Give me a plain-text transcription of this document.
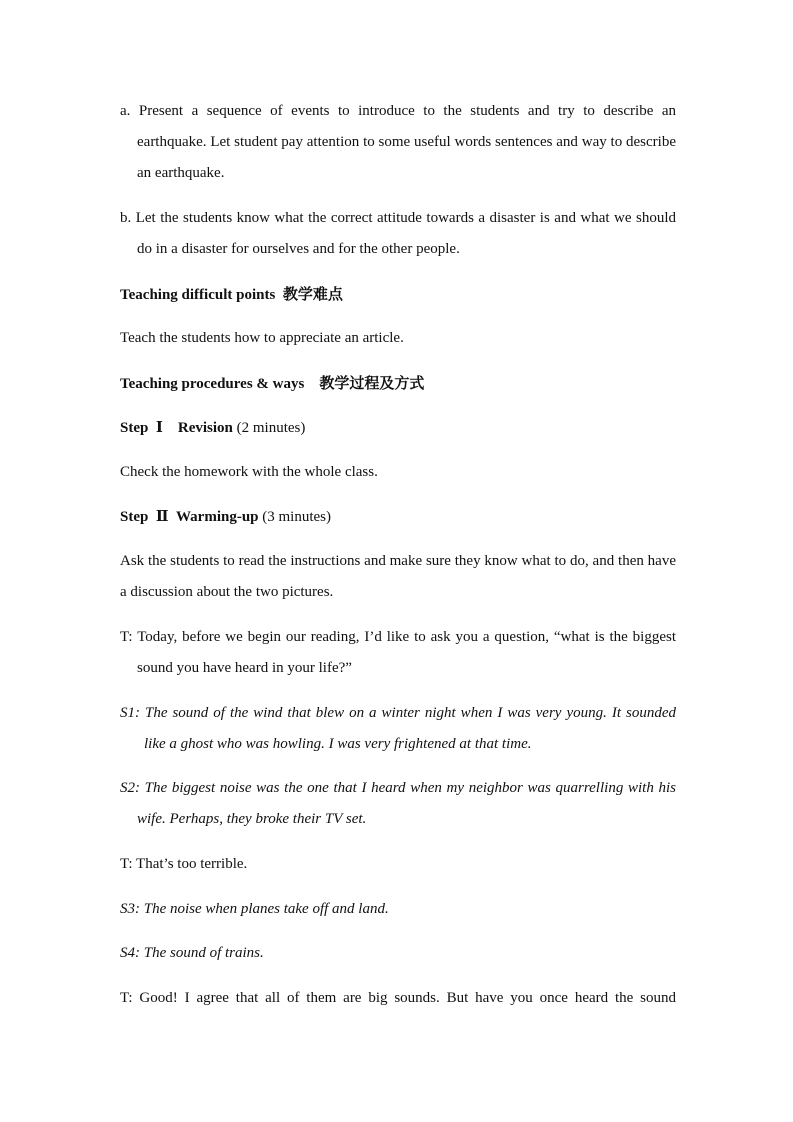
a. Present a sequence of events to introduce to the students and try to describe an earthquake. Let student pay attention to some useful words sentences and way to describe an earthquake.

b. Let the students know what the correct attitude towards a disaster is and what we should do in a disaster for ourselves and for the other people.

Teaching difficult points 教学难点

Teach the students how to appreciate an article.

Teaching procedures & ways 教学过程及方式

Step Ⅰ Revision (2 minutes)

Check the homework with the whole class.

Step Ⅱ Warming-up (3 minutes)

Ask the students to read the instructions and make sure they know what to do, and then have a discussion about the two pictures.

T: Today, before we begin our reading, I’d like to ask you a question, “what is the biggest sound you have heard in your life?”

S1: The sound of the wind that blew on a winter night when I was very young. It sounded like a ghost who was howling. I was very frightened at that time.

S2: The biggest noise was the one that I heard when my neighbor was quarrelling with his wife. Perhaps, they broke their TV set.

T: That’s too terrible.

S3: The noise when planes take off and land.

S4: The sound of trains.

T: Good! I agree that all of them are big sounds. But have you once heard the sound
